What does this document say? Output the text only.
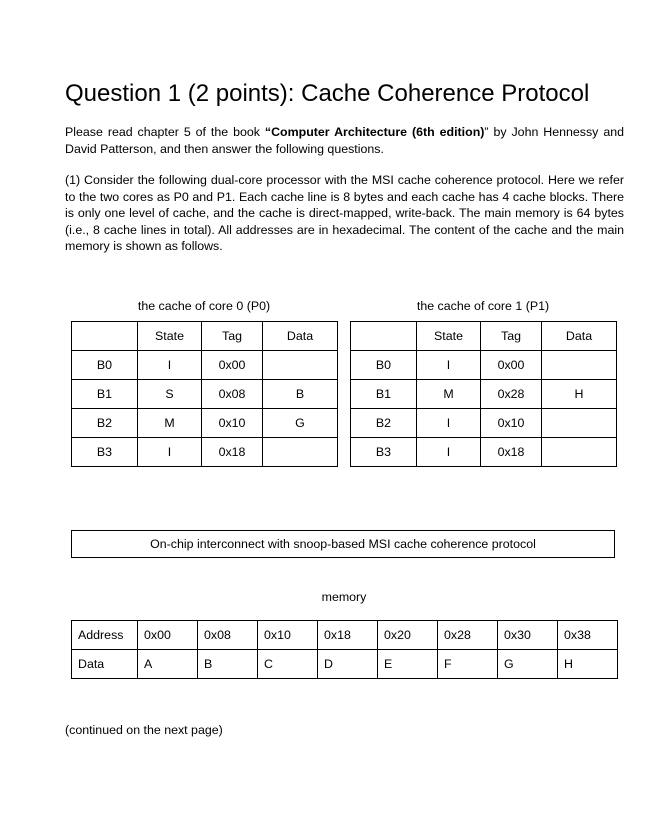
Question 1 (2 points): Cache Coherence Protocol

Please read chapter 5 of the book “Computer Architecture (6th edition)” by John Hennessy and David Patterson, and then answer the following questions.

(1) Consider the following dual-core processor with the MSI cache coherence protocol. Here we refer to the two cores as P0 and P1. Each cache line is 8 bytes and each cache has 4 cache blocks. There is only one level of cache, and the cache is direct-mapped, write-back. The main memory is 64 bytes (i.e., 8 cache lines in total). All addresses are in hexadecimal. The content of the cache and the main memory is shown as follows.

the cache of core 0 (P0)	the cache of core 1 (P1)
	State	Tag	Data
B0	I	0x00	
B1	S	0x08	B
B2	M	0x10	G
B3	I	0x18	
	State	Tag	Data
B0	I	0x00	
B1	M	0x28	H
B2	I	0x10	
B3	I	0x18	
On-chip interconnect with snoop-based MSI cache coherence protocol
memory
Address	0x00	0x08	0x10	0x18	0x20	0x28	0x30	0x38
Data	A	B	C	D	E	F	G	H
(continued on the next page)
